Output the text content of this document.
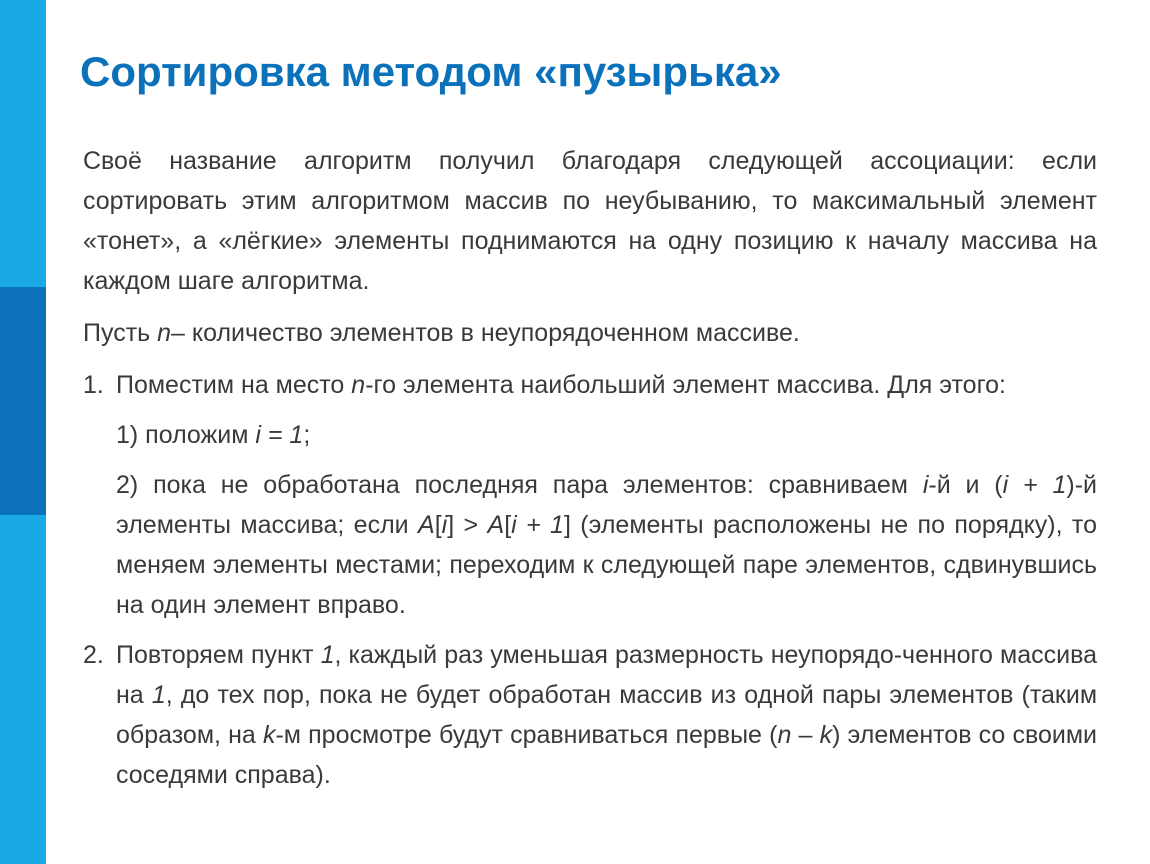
Сортировка методом «пузырька»

Своё название алгоритм получил благодаря следующей ассоциации: если сортировать этим алгоритмом массив по неубыванию, то максимальный элемент «тонет», а «лёгкие» элементы поднимаются на одну позицию к началу массива на каждом шаге алгоритма.

Пусть n– количество элементов в неупорядоченном массиве.

1. Поместим на место n-го элемента наибольший элемент массива. Для этого:

1) положим i = 1;

2) пока не обработана последняя пара элементов: сравниваем i-й и (i + 1)-й элементы массива; если A[i] > A[i + 1] (элементы расположены не по порядку), то меняем элементы местами; переходим к следующей паре элементов, сдвинувшись на один элемент вправо.

2. Повторяем пункт 1, каждый раз уменьшая размерность неупорядо-ченного массива на 1, до тех пор, пока не будет обработан массив из одной пары элементов (таким образом, на k-м просмотре будут сравниваться первые (n – k) элементов со своими соседями справа).
